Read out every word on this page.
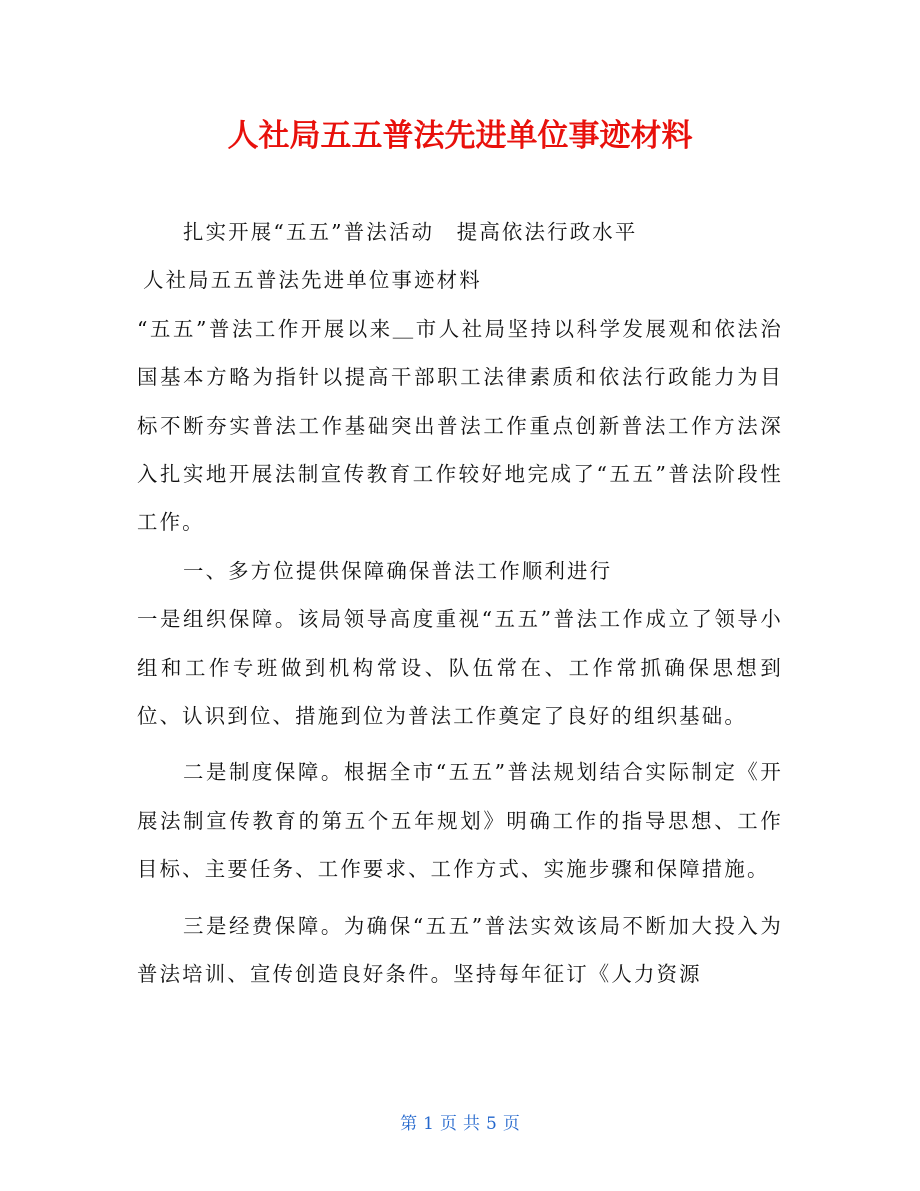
人社局五五普法先进单位事迹材料

扎实开展“五五”普法活动　提高依法行政水平

人社局五五普法先进单位事迹材料

“五五”普法工作开展以来＿市人社局坚持以科学发展观和依法治国基本方略为指针以提高干部职工法律素质和依法行政能力为目标不断夯实普法工作基础突出普法工作重点创新普法工作方法深入扎实地开展法制宣传教育工作较好地完成了“五五”普法阶段性工作。

一、多方位提供保障确保普法工作顺利进行

一是组织保障。该局领导高度重视“五五”普法工作成立了领导小组和工作专班做到机构常设、队伍常在、工作常抓确保思想到位、认识到位、措施到位为普法工作奠定了良好的组织基础。

二是制度保障。根据全市“五五”普法规划结合实际制定《开展法制宣传教育的第五个五年规划》明确工作的指导思想、工作目标、主要任务、工作要求、工作方式、实施步骤和保障措施。

三是经费保障。为确保“五五”普法实效该局不断加大投入为普法培训、宣传创造良好条件。坚持每年征订《人力资源

第 1 页 共 5 页
